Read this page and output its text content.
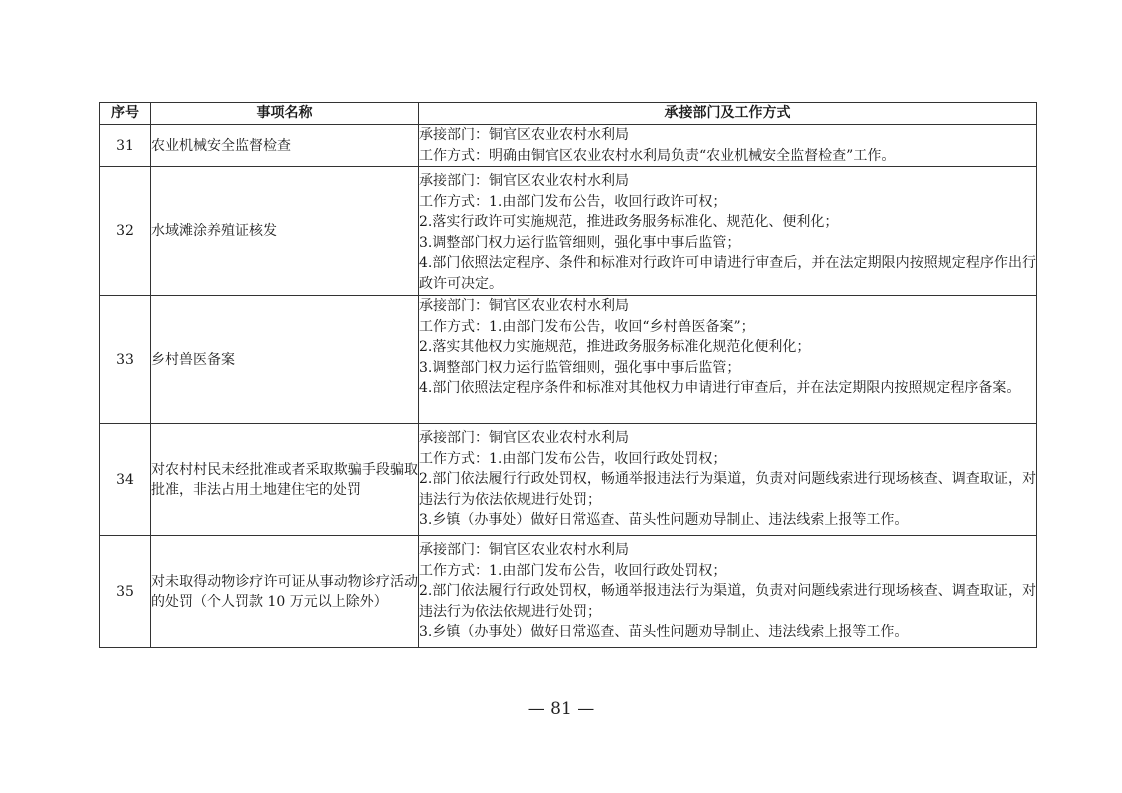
序号	事项名称	承接部门及工作方式
31	农业机械安全监督检查	承接部门：铜官区农业农村水利局
工作方式：明确由铜官区农业农村水利局负责“农业机械安全监督检查”工作。

32	水域滩涂养殖证核发	承接部门：铜官区农业农村水利局
工作方式：1.由部门发布公告，收回行政许可权；
2.落实行政许可实施规范，推进政务服务标准化、规范化、便利化；
3.调整部门权力运行监管细则，强化事中事后监管；
4.部门依照法定程序、条件和标准对行政许可申请进行审查后，并在法定期限内按照规定程序作出行政许可决定。

33	乡村兽医备案	承接部门：铜官区农业农村水利局
工作方式：1.由部门发布公告，收回“乡村兽医备案”；
2.落实其他权力实施规范，推进政务服务标准化规范化便利化；
3.调整部门权力运行监管细则，强化事中事后监管；
4.部门依照法定程序条件和标准对其他权力申请进行审查后，并在法定期限内按照规定程序备案。

34	对农村村民未经批准或者采取欺骗手段骗取批准，非法占用土地建住宅的处罚	承接部门：铜官区农业农村水利局
工作方式：1.由部门发布公告，收回行政处罚权；
2.部门依法履行行政处罚权，畅通举报违法行为渠道，负责对问题线索进行现场核查、调查取证，对违法行为依法依规进行处罚；
3.乡镇（办事处）做好日常巡查、苗头性问题劝导制止、违法线索上报等工作。

35	对未取得动物诊疗许可证从事动物诊疗活动的处罚（个人罚款 10 万元以上除外）	承接部门：铜官区农业农村水利局
工作方式：1.由部门发布公告，收回行政处罚权；
2.部门依法履行行政处罚权，畅通举报违法行为渠道，负责对问题线索进行现场核查、调查取证，对违法行为依法依规进行处罚；
3.乡镇（办事处）做好日常巡查、苗头性问题劝导制止、违法线索上报等工作。
— 81 —
